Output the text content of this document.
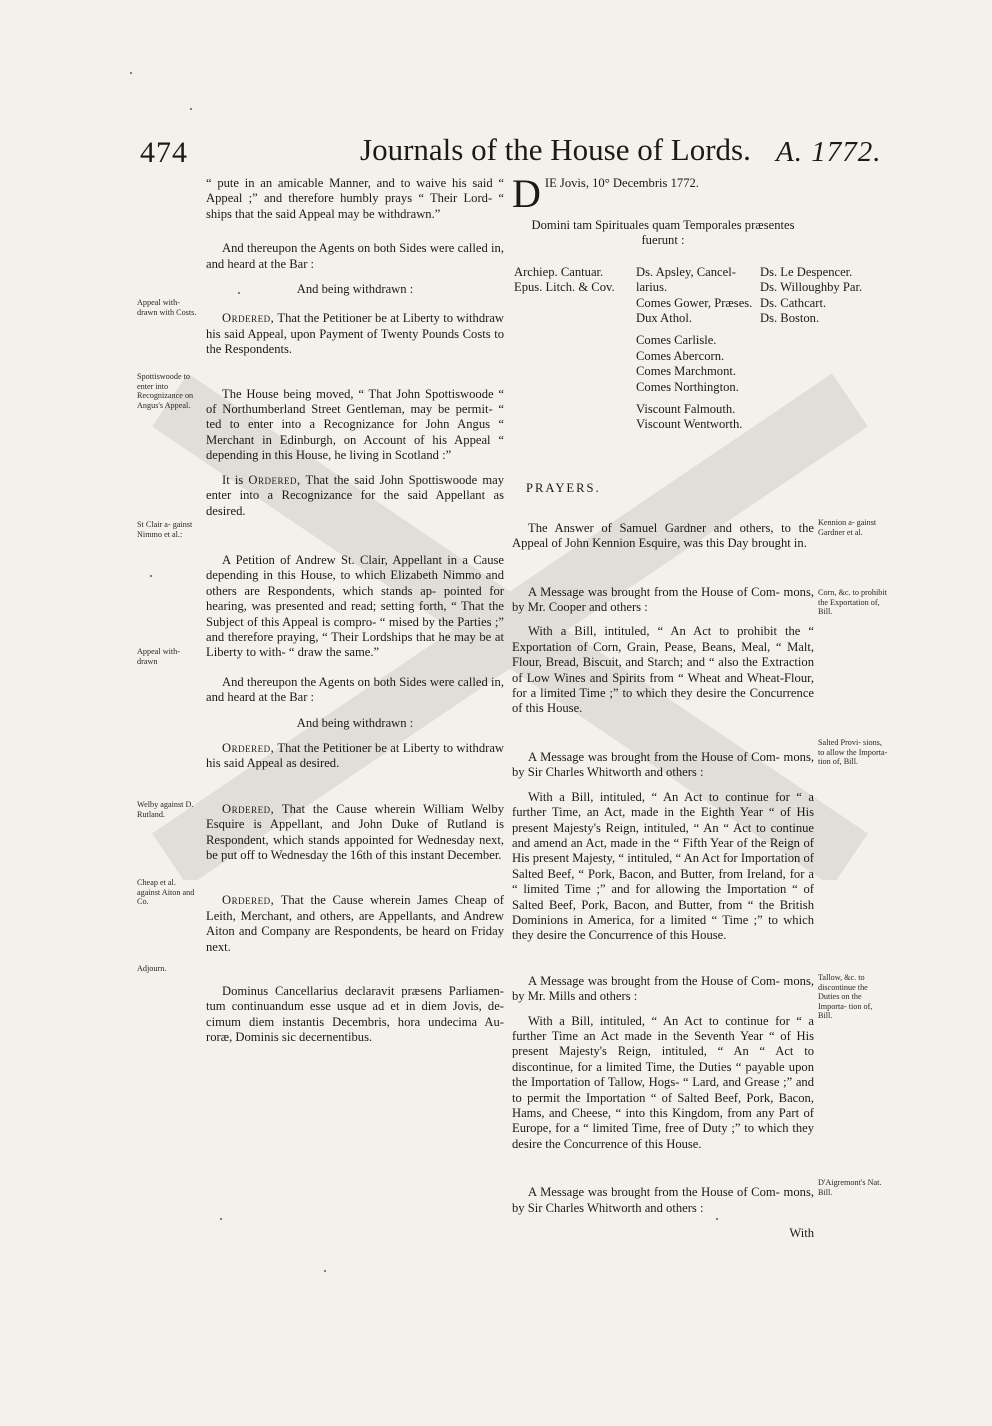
474	Journals of the House of Lords. A. 1772.
Appeal with- drawn with Costs.
Spottiswoode to enter into Recognizance on Angus's Appeal.
St Clair a- gainst Nimmo et al.:
Appeal with- drawn
Welby against D. Rutland.
Cheap et al. against Aiton and Co.
Adjourn.
Kennion a- gainst Gardner et al.
Corn, &c. to prohibit the Exportation of, Bill.
Salted Provi- sions, to allow the Importa- tion of, Bill.
Tallow, &c. to discontinue the Duties on the Importa- tion of, Bill.
D'Aigremont's Nat. Bill.

“ pute in an amicable Manner, and to waive his said “ Appeal ;” and therefore humbly prays “ Their Lord- “ ships that the said Appeal may be withdrawn.”

And thereupon the Agents on both Sides were called in, and heard at the Bar :

And being withdrawn :

Ordered, That the Petitioner be at Liberty to withdraw his said Appeal, upon Payment of Twenty Pounds Costs to the Respondents.

The House being moved, “ That John Spottiswoode “ of Northumberland Street Gentleman, may be permit- “ ted to enter into a Recognizance for John Angus “ Merchant in Edinburgh, on Account of his Appeal “ depending in this House, he living in Scotland :”

It is Ordered, That the said John Spottiswoode may enter into a Recognizance for the said Appellant as desired.

A Petition of Andrew St. Clair, Appellant in a Cause depending in this House, to which Elizabeth Nimmo and others are Respondents, which stands ap- pointed for hearing, was presented and read; setting forth, “ That the Subject of this Appeal is compro- “ mised by the Parties ;” and therefore praying, “ Their Lordships that he may be at Liberty to with- “ draw the same.”

And thereupon the Agents on both Sides were called in, and heard at the Bar :

And being withdrawn :

Ordered, That the Petitioner be at Liberty to withdraw his said Appeal as desired.

Ordered, That the Cause wherein William Welby Esquire is Appellant, and John Duke of Rutland is Respondent, which stands appointed for Wednesday next, be put off to Wednesday the 16th of this instant December.

Ordered, That the Cause wherein James Cheap of Leith, Merchant, and others, are Appellants, and Andrew Aiton and Company are Respondents, be heard on Friday next.

Dominus Cancellarius declaravit præsens Parliamen- tum continuandum esse usque ad et in diem Jovis, de- cimum diem instantis Decembris, hora undecima Au- roræ, Dominis sic decernentibus.

D IE Jovis, 10° Decembris 1772.

Domini tam Spirituales quam Temporales præsentes fuerunt :

Archiep. Cantuar.
Epus. Litch. & Cov.
Ds. Apsley, Cancel-
larius.
Comes Gower, Præses.
Dux Athol.
Comes Carlisle.
Comes Abercorn.
Comes Marchmont.
Comes Northington.
Viscount Falmouth.
Viscount Wentworth.
Ds. Le Despencer.
Ds. Willoughby Par.
Ds. Cathcart.
Ds. Boston.
PRAYERS.

The Answer of Samuel Gardner and others, to the Appeal of John Kennion Esquire, was this Day brought in.

A Message was brought from the House of Com- mons, by Mr. Cooper and others :

With a Bill, intituled, “ An Act to prohibit the “ Exportation of Corn, Grain, Pease, Beans, Meal, “ Malt, Flour, Bread, Biscuit, and Starch; and “ also the Extraction of Low Wines and Spirits from “ Wheat and Wheat-Flour, for a limited Time ;” to which they desire the Concurrence of this House.

A Message was brought from the House of Com- mons, by Sir Charles Whitworth and others :

With a Bill, intituled, “ An Act to continue for “ a further Time, an Act, made in the Eighth Year “ of His present Majesty's Reign, intituled, “ An “ Act to continue and amend an Act, made in the “ Fifth Year of the Reign of His present Majesty, “ intituled, “ An Act for Importation of Salted Beef, “ Pork, Bacon, and Butter, from Ireland, for a “ limited Time ;” and for allowing the Importation “ of Salted Beef, Pork, Bacon, and Butter, from “ the British Dominions in America, for a limited “ Time ;” to which they desire the Concurrence of this House.

A Message was brought from the House of Com- mons, by Mr. Mills and others :

With a Bill, intituled, “ An Act to continue for “ a further Time an Act made in the Seventh Year “ of His present Majesty's Reign, intituled, “ An “ Act to discontinue, for a limited Time, the Duties “ payable upon the Importation of Tallow, Hogs- “ Lard, and Grease ;” and to permit the Importation “ of Salted Beef, Pork, Bacon, Hams, and Cheese, “ into this Kingdom, from any Part of Europe, for a “ limited Time, free of Duty ;” to which they desire the Concurrence of this House.

A Message was brought from the House of Com- mons, by Sir Charles Whitworth and others :

With
